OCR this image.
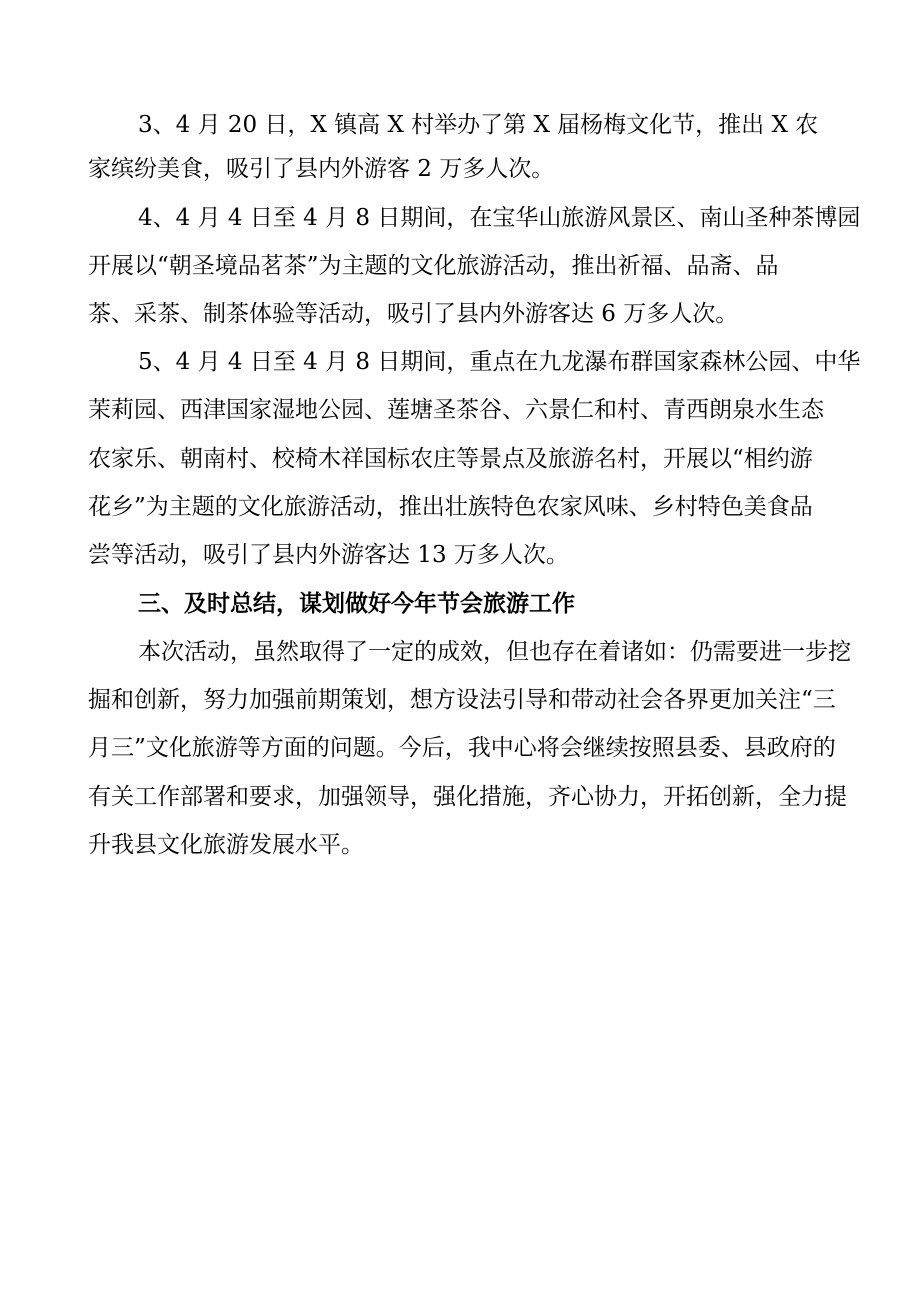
3、4 月 20 日，X 镇高 X 村举办了第 X 届杨梅文化节，推出 X 农
家缤纷美食，吸引了县内外游客 2 万多人次。
4、4 月 4 日至 4 月 8 日期间，在宝华山旅游风景区、南山圣种茶博园
开展以“朝圣境品茗茶”为主题的文化旅游活动，推出祈福、品斋、品
茶、采茶、制茶体验等活动，吸引了县内外游客达 6 万多人次。
5、4 月 4 日至 4 月 8 日期间，重点在九龙瀑布群国家森林公园、中华
茉莉园、西津国家湿地公园、莲塘圣茶谷、六景仁和村、青西朗泉水生态
农家乐、朝南村、校椅木祥国标农庄等景点及旅游名村，开展以“相约游
花乡”为主题的文化旅游活动，推出壮族特色农家风味、乡村特色美食品
尝等活动，吸引了县内外游客达 13 万多人次。
三、及时总结，谋划做好今年节会旅游工作
本次活动，虽然取得了一定的成效，但也存在着诸如：仍需要进一步挖
掘和创新，努力加强前期策划，想方设法引导和带动社会各界更加关注“三
月三”文化旅游等方面的问题。今后，我中心将会继续按照县委、县政府的
有关工作部署和要求，加强领导，强化措施，齐心协力，开拓创新，全力提
升我县文化旅游发展水平。
